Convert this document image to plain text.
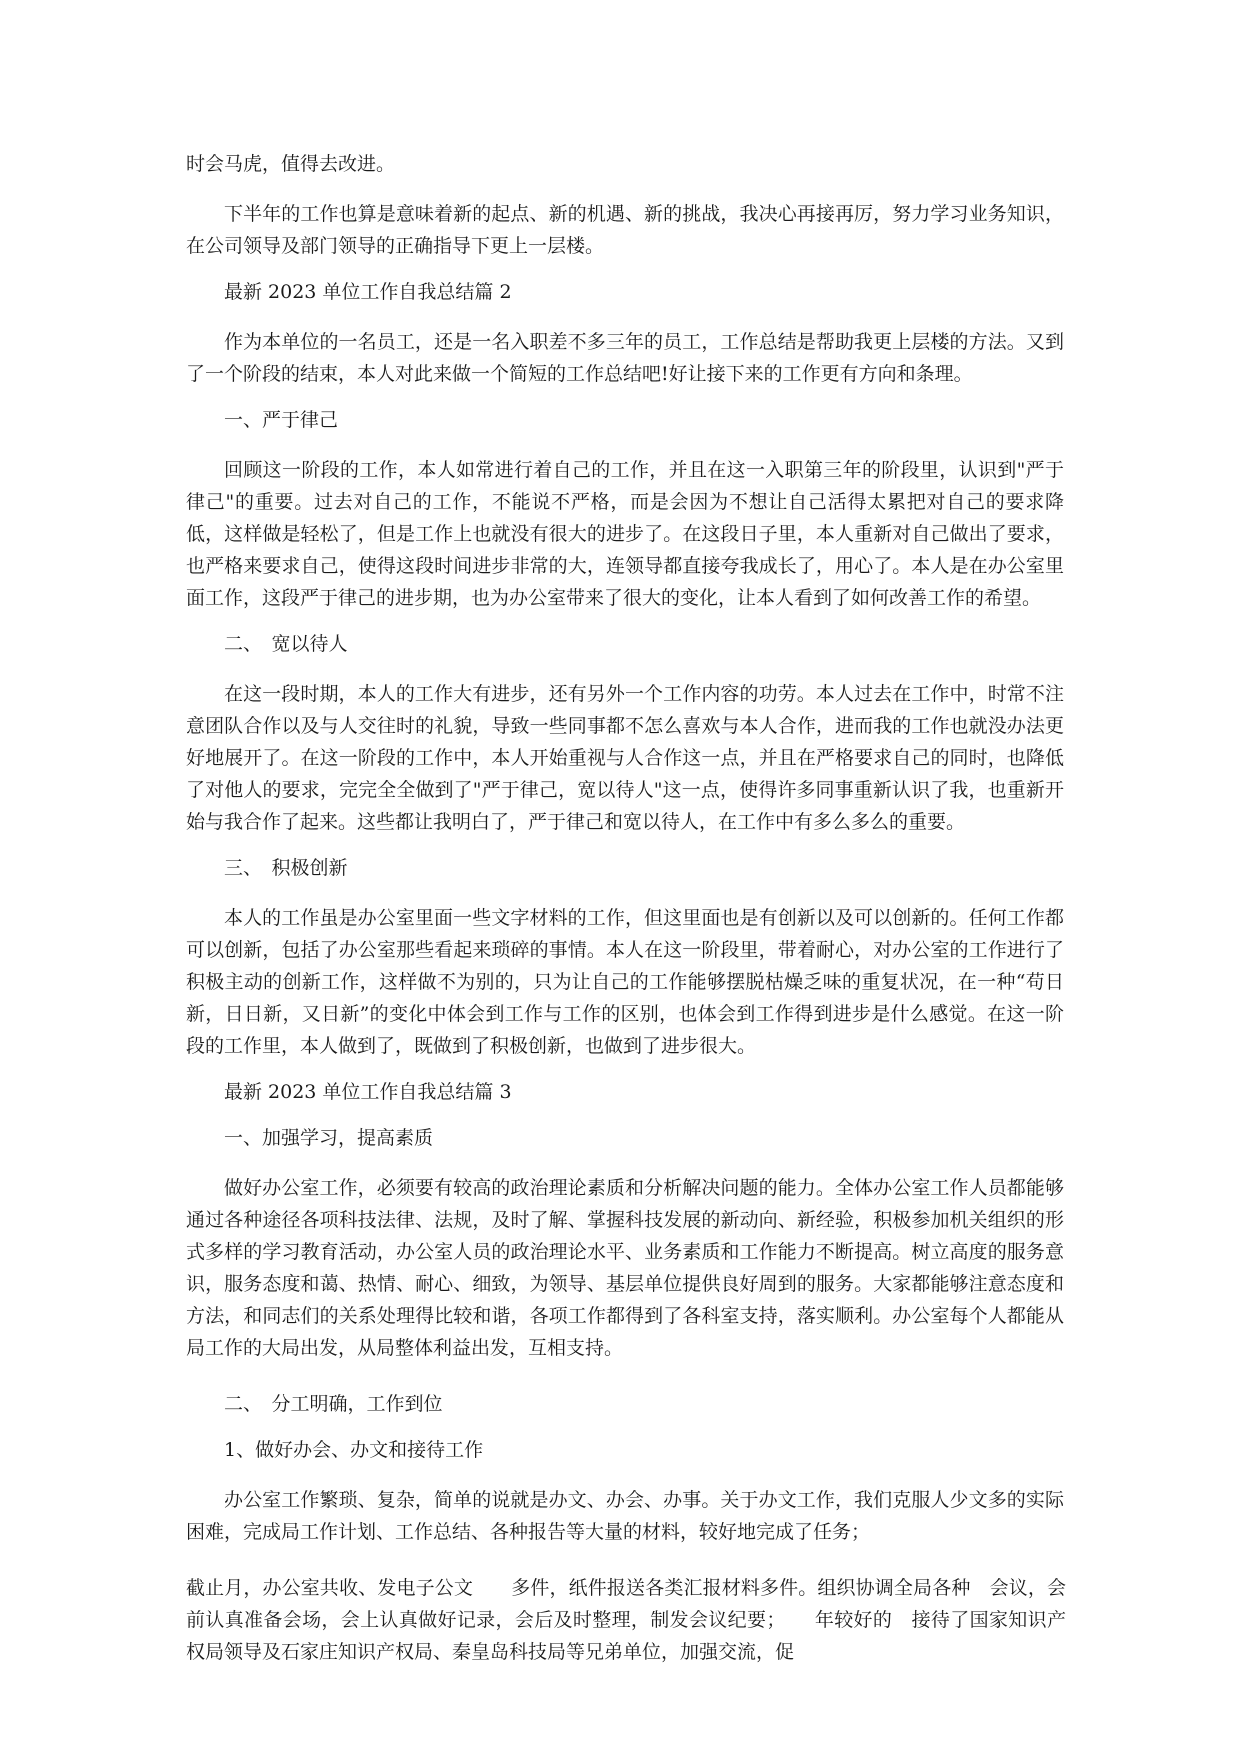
时会马虎，值得去改进。

下半年的工作也算是意味着新的起点、新的机遇、新的挑战，我决心再接再厉，努力学习业务知识，在公司领导及部门领导的正确指导下更上一层楼。

最新 2023 单位工作自我总结篇 2

作为本单位的一名员工，还是一名入职差不多三年的员工，工作总结是帮助我更上层楼的方法。又到了一个阶段的结束，本人对此来做一个简短的工作总结吧!好让接下来的工作更有方向和条理。

一、严于律己

回顾这一阶段的工作，本人如常进行着自己的工作，并且在这一入职第三年的阶段里，认识到"严于律己"的重要。过去对自己的工作，不能说不严格，而是会因为不想让自己活得太累把对自己的要求降低，这样做是轻松了，但是工作上也就没有很大的进步了。在这段日子里，本人重新对自己做出了要求，也严格来要求自己，使得这段时间进步非常的大，连领导都直接夸我成长了，用心了。本人是在办公室里面工作，这段严于律己的进步期，也为办公室带来了很大的变化，让本人看到了如何改善工作的希望。

二、　宽以待人

在这一段时期，本人的工作大有进步，还有另外一个工作内容的功劳。本人过去在工作中，时常不注意团队合作以及与人交往时的礼貌，导致一些同事都不怎么喜欢与本人合作，进而我的工作也就没办法更好地展开了。在这一阶段的工作中，本人开始重视与人合作这一点，并且在严格要求自己的同时，也降低了对他人的要求，完完全全做到了"严于律己，宽以待人"这一点，使得许多同事重新认识了我，也重新开始与我合作了起来。这些都让我明白了，严于律己和宽以待人，在工作中有多么多么的重要。

三、　积极创新

本人的工作虽是办公室里面一些文字材料的工作，但这里面也是有创新以及可以创新的。任何工作都可以创新，包括了办公室那些看起来琐碎的事情。本人在这一阶段里，带着耐心，对办公室的工作进行了积极主动的创新工作，这样做不为别的，只为让自己的工作能够摆脱枯燥乏味的重复状况，在一种“苟日新，日日新，又日新”的变化中体会到工作与工作的区别，也体会到工作得到进步是什么感觉。在这一阶段的工作里，本人做到了，既做到了积极创新，也做到了进步很大。

最新 2023 单位工作自我总结篇 3

一、加强学习，提高素质

做好办公室工作，必须要有较高的政治理论素质和分析解决问题的能力。全体办公室工作人员都能够通过各种途径各项科技法律、法规，及时了解、掌握科技发展的新动向、新经验，积极参加机关组织的形式多样的学习教育活动，办公室人员的政治理论水平、业务素质和工作能力不断提高。树立高度的服务意识，服务态度和蔼、热情、耐心、细致，为领导、基层单位提供良好周到的服务。大家都能够注意态度和方法，和同志们的关系处理得比较和谐，各项工作都得到了各科室支持，落实顺利。办公室每个人都能从局工作的大局出发，从局整体利益出发，互相支持。

二、　分工明确，工作到位

1、做好办会、办文和接待工作

办公室工作繁琐、复杂，简单的说就是办文、办会、办事。关于办文工作，我们克服人少文多的实际困难，完成局工作计划、工作总结、各种报告等大量的材料，较好地完成了任务；

截止月，办公室共收、发电子公文　　多件，纸件报送各类汇报材料多件。组织协调全局各种　会议，会前认真准备会场，会上认真做好记录，会后及时整理，制发会议纪要；　　年较好的　接待了国家知识产权局领导及石家庄知识产权局、秦皇岛科技局等兄弟单位，加强交流，促
